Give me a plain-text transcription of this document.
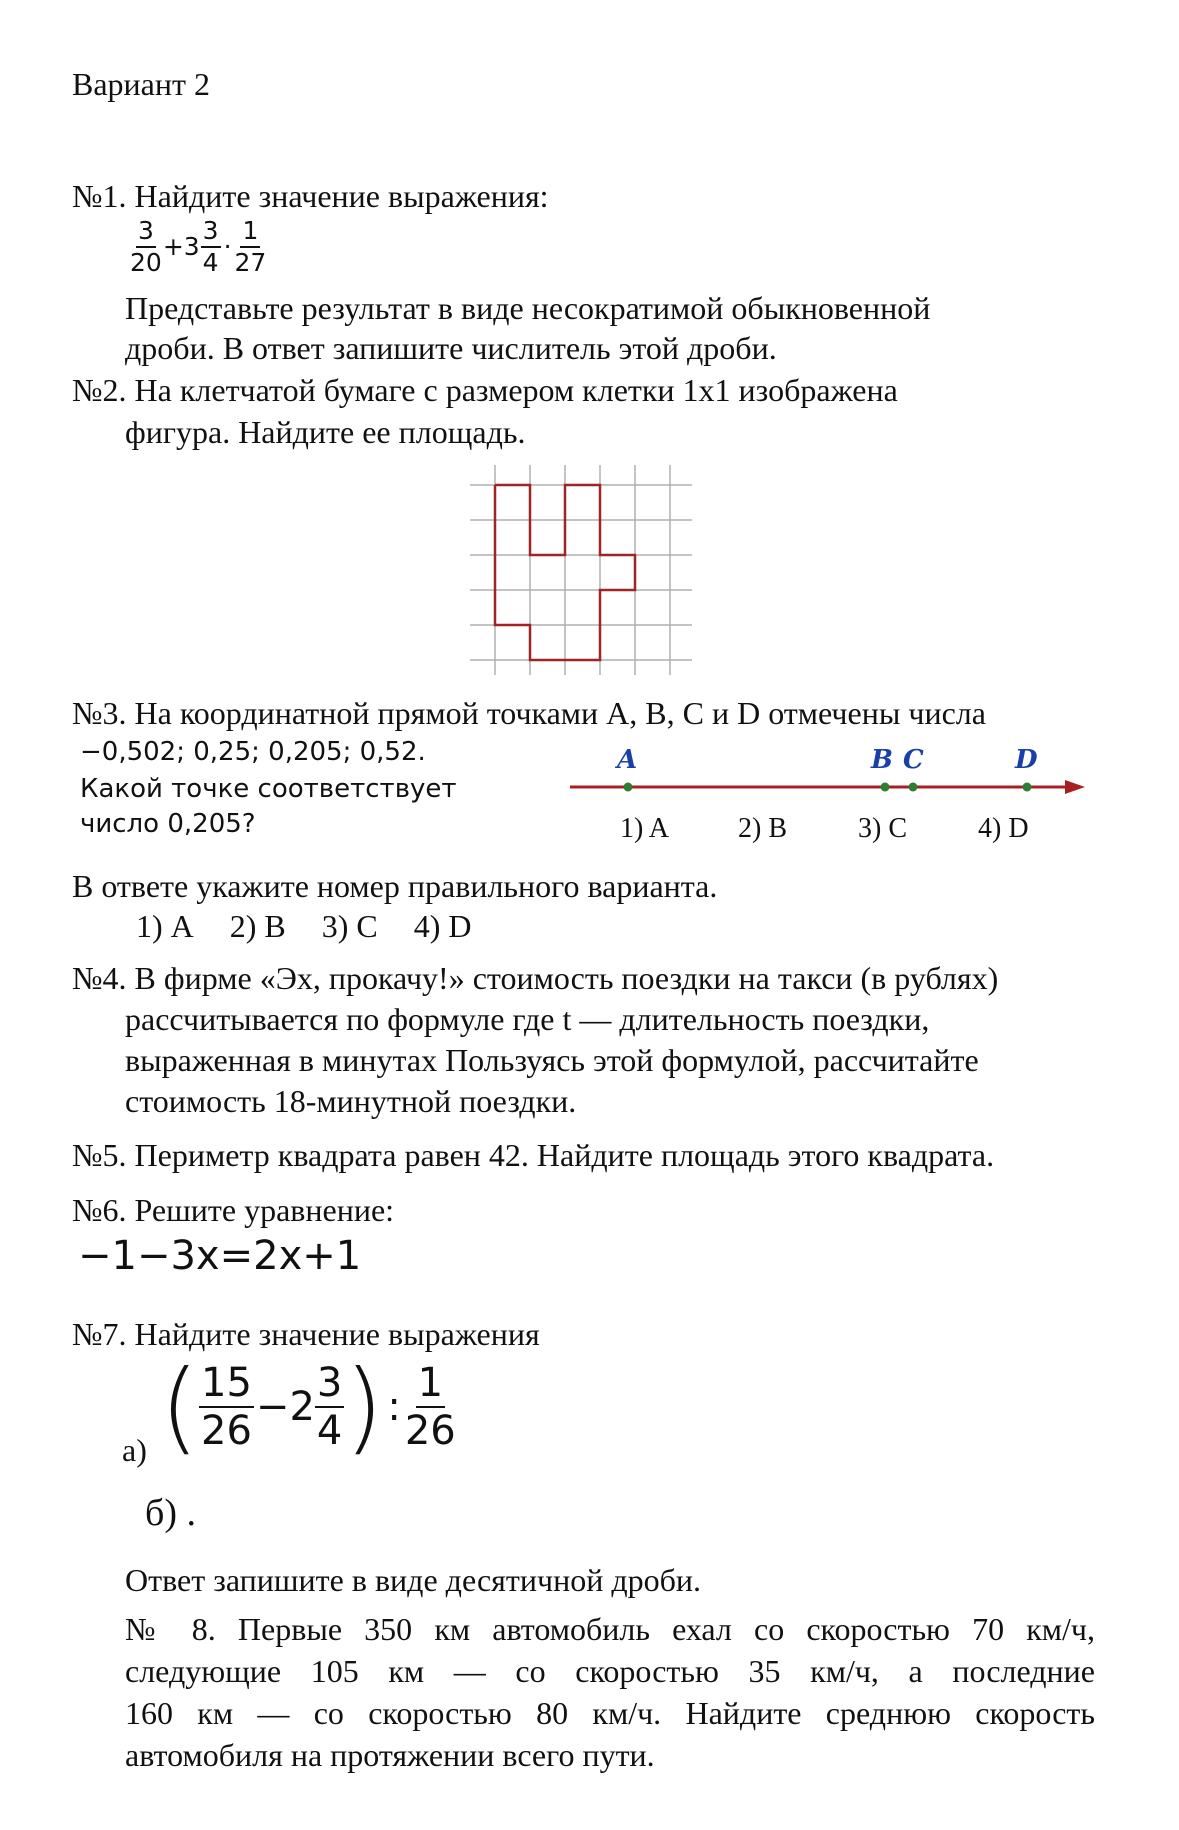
Вариант 2
№1. Найдите значение выражения:
$\frac{3}{20} +3 \frac{3}{4} \cdot \frac{1}{27}$
Представьте результат в виде несократимой обыкновенной
дроби. В ответ запишите числитель этой дроби.
№2. На клетчатой бумаге с размером клетки 1x1 изображена
фигура. Найдите ее площадь.
№3. На координатной прямой точками A, B, C и D отмечены числа
−0,502; 0,25; 0,205; 0,52.
Какой точке соответствует
число 0,205?
A	B C	D
1) A 2) B	3) C	4) D
В ответе укажите номер правильного варианта.
1) А 2) В 3) С 4) D
№4. В фирме «Эх, прокачу!» стоимость поездки на такси (в рублях)
рассчитывается по формуле где t — длительность поездки,
выраженная в минутах Пользуясь этой формулой, рассчитайте
стоимость 18-минутной поездки.
№5. Периметр квадрата равен 42. Найдите площадь этого квадрата.
№6. Решите уравнение:
−1−3x=2x+1
№7. Найдите значение выражения
а) ( $\frac{15}{26} -2 \frac{3}{4}$ ) : $\frac{1}{26}$
б) .
Ответ запишите в виде десятичной дроби.
№ 8. Первые 350 км автомобиль ехал со скоростью 70 км/ч,
следующие 105 км — со скоростью 35 км/ч, а последние
160 км — со скоростью 80 км/ч. Найдите среднюю скорость
автомобиля на протяжении всего пути.
